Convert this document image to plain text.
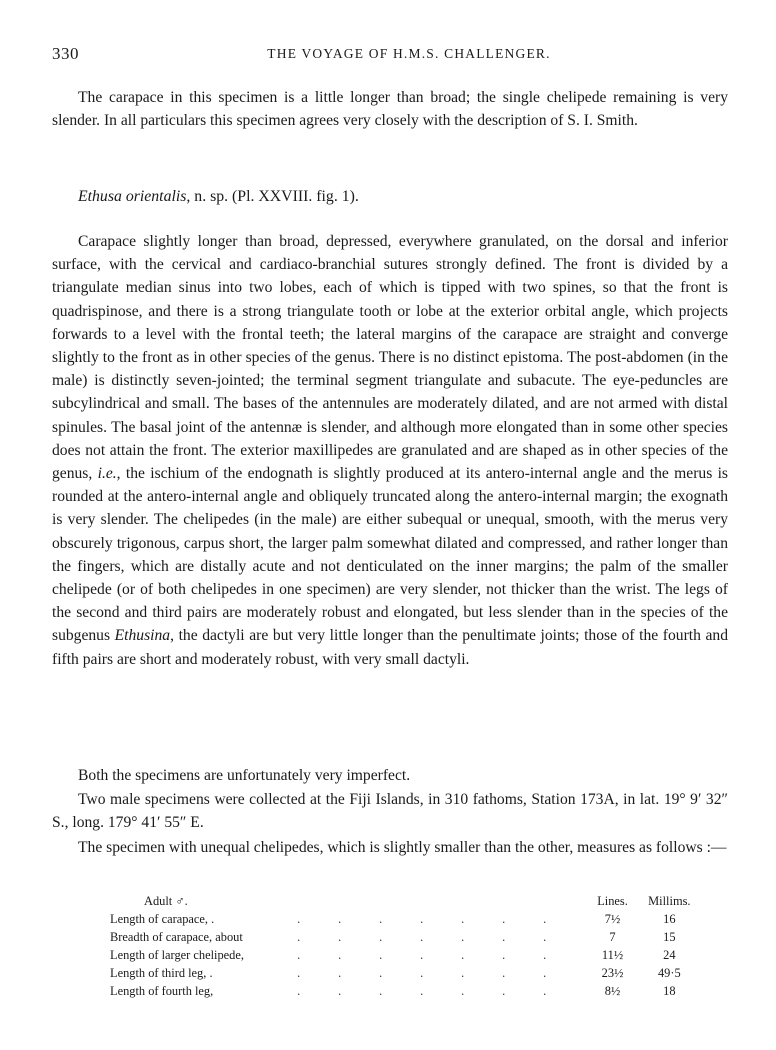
330	THE VOYAGE OF H.M.S. CHALLENGER.

The carapace in this specimen is a little longer than broad; the single chelipede remaining is very slender. In all particulars this specimen agrees very closely with the description of S. I. Smith.

Ethusa orientalis, n. sp. (Pl. XXVIII. fig. 1).

Carapace slightly longer than broad, depressed, everywhere granulated, on the dorsal and inferior surface, with the cervical and cardiaco-branchial sutures strongly defined. The front is divided by a triangulate median sinus into two lobes, each of which is tipped with two spines, so that the front is quadrispinose, and there is a strong triangulate tooth or lobe at the exterior orbital angle, which projects forwards to a level with the frontal teeth; the lateral margins of the carapace are straight and converge slightly to the front as in other species of the genus. There is no distinct epistoma. The post-abdomen (in the male) is distinctly seven-jointed; the terminal segment triangulate and subacute. The eye-peduncles are subcylindrical and small. The bases of the antennules are moderately dilated, and are not armed with distal spinules. The basal joint of the antennæ is slender, and although more elongated than in some other species does not attain the front. The exterior maxillipedes are granulated and are shaped as in other species of the genus, i.e., the ischium of the endognath is slightly produced at its antero-internal angle and the merus is rounded at the antero-internal angle and obliquely truncated along the antero-internal margin; the exognath is very slender. The chelipedes (in the male) are either subequal or unequal, smooth, with the merus very obscurely trigonous, carpus short, the larger palm somewhat dilated and compressed, and rather longer than the fingers, which are distally acute and not denticulated on the inner margins; the palm of the smaller chelipede (or of both chelipedes in one specimen) are very slender, not thicker than the wrist. The legs of the second and third pairs are moderately robust and elongated, but less slender than in the species of the subgenus Ethusina, the dactyli are but very little longer than the penultimate joints; those of the fourth and fifth pairs are short and moderately robust, with very small dactyli.

Both the specimens are unfortunately very imperfect.

Two male specimens were collected at the Fiji Islands, in 310 fathoms, Station 173A, in lat. 19° 9′ 32″ S., long. 179° 41′ 55″ E.

The specimen with unequal chelipedes, which is slightly smaller than the other, measures as follows :—

Adult ♂.		Lines.	Millims.
Length of carapace, .	. . . . . . .	7½	16
Breadth of carapace, about	. . . . . . .	7	15
Length of larger chelipede,	. . . . . . .	11½	24
Length of third leg, .	. . . . . . .	23½	49·5
Length of fourth leg,	. . . . . . .	8½	18
